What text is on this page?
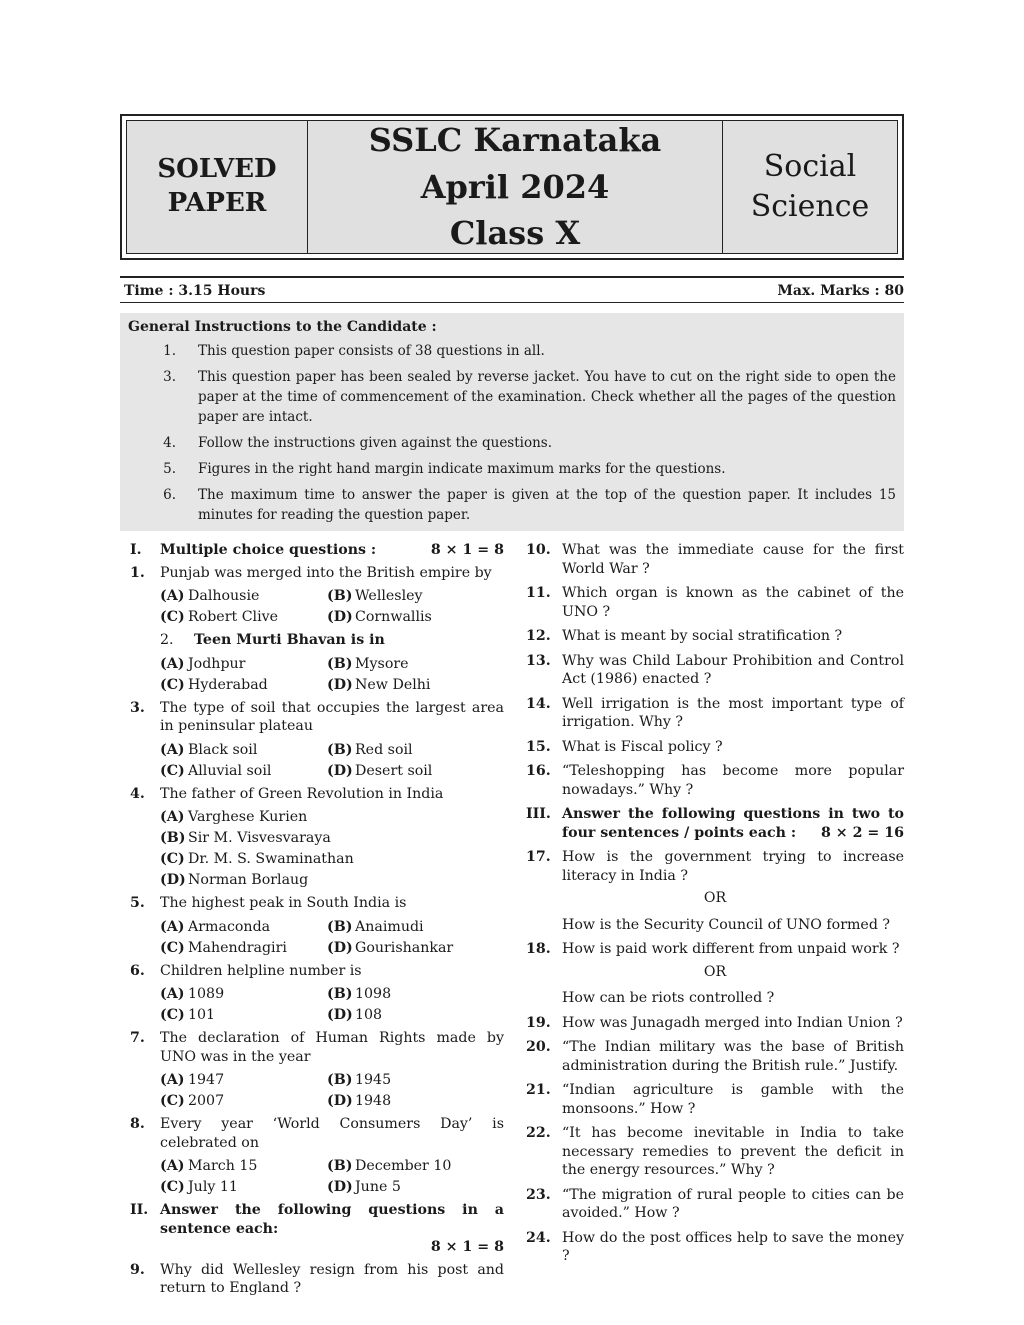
SOLVED
PAPER
SSLC Karnataka
April 2024
Class X
Social
Science
Time : 3.15 Hours	Max. Marks : 80
General Instructions to the Candidate :
1.	This question paper consists of 38 questions in all.
3.	This question paper has been sealed by reverse jacket. You have to cut on the right side to open the paper at the time of commencement of the examination. Check whether all the pages of the question paper are intact.
4.	Follow the instructions given against the questions.
5.	Figures in the right hand margin indicate maximum marks for the questions.
6.	The maximum time to answer the paper is given at the top of the question paper. It includes 15 minutes for reading the question paper.
I.	Multiple choice questions :	8 × 1 = 8
1.	Punjab was merged into the British empire by
(A) Dalhousie	(B) Wellesley
(C) Robert Clive	(D) Cornwallis
2.	Teen Murti Bhavan is in
(A) Jodhpur	(B) Mysore
(C) Hyderabad	(D) New Delhi
3.	The type of soil that occupies the largest area in peninsular plateau
(A) Black soil	(B) Red soil
(C) Alluvial soil	(D) Desert soil
4.	The father of Green Revolution in India
(A) Varghese Kurien
(B) Sir M. Visvesvaraya
(C) Dr. M. S. Swaminathan
(D) Norman Borlaug
5.	The highest peak in South India is
(A) Armaconda	(B) Anaimudi
(C) Mahendragiri	(D) Gourishankar
6.	Children helpline number is
(A) 1089	(B) 1098
(C) 101	(D) 108
7.	The declaration of Human Rights made by UNO was in the year
(A) 1947	(B) 1945
(C) 2007	(D) 1948
8.	Every year ‘World Consumers Day’ is celebrated on
(A) March 15	(B) December 10
(C) July 11	(D) June 5
II. Answer the following questions in a sentence each:

8 × 1 = 8
9.	Why did Wellesley resign from his post and return to England ?
10. What was the immediate cause for the first World War ?
11. Which organ is known as the cabinet of the UNO ?
12. What is meant by social stratification ?
13. Why was Child Labour Prohibition and Control Act (1986) enacted ?
14. Well irrigation is the most important type of irrigation. Why ?
15. What is Fiscal policy ?
16. “Teleshopping has become more popular nowadays.” Why ?
III. Answer the following questions in two to four sentences / points each : 8 × 2 = 16
17. How is the government trying to increase literacy in India ?
OR
How is the Security Council of UNO formed ?
18. How is paid work different from unpaid work ?
OR
How can be riots controlled ?
19. How was Junagadh merged into Indian Union ?
20. “The Indian military was the base of British administration during the British rule.” Justify.
21. “Indian agriculture is gamble with the monsoons.” How ?
22. “It has become inevitable in India to take necessary remedies to prevent the deficit in the energy resources.” Why ?
23. “The migration of rural people to cities can be avoided.” How ?
24. How do the post offices help to save the money ?
